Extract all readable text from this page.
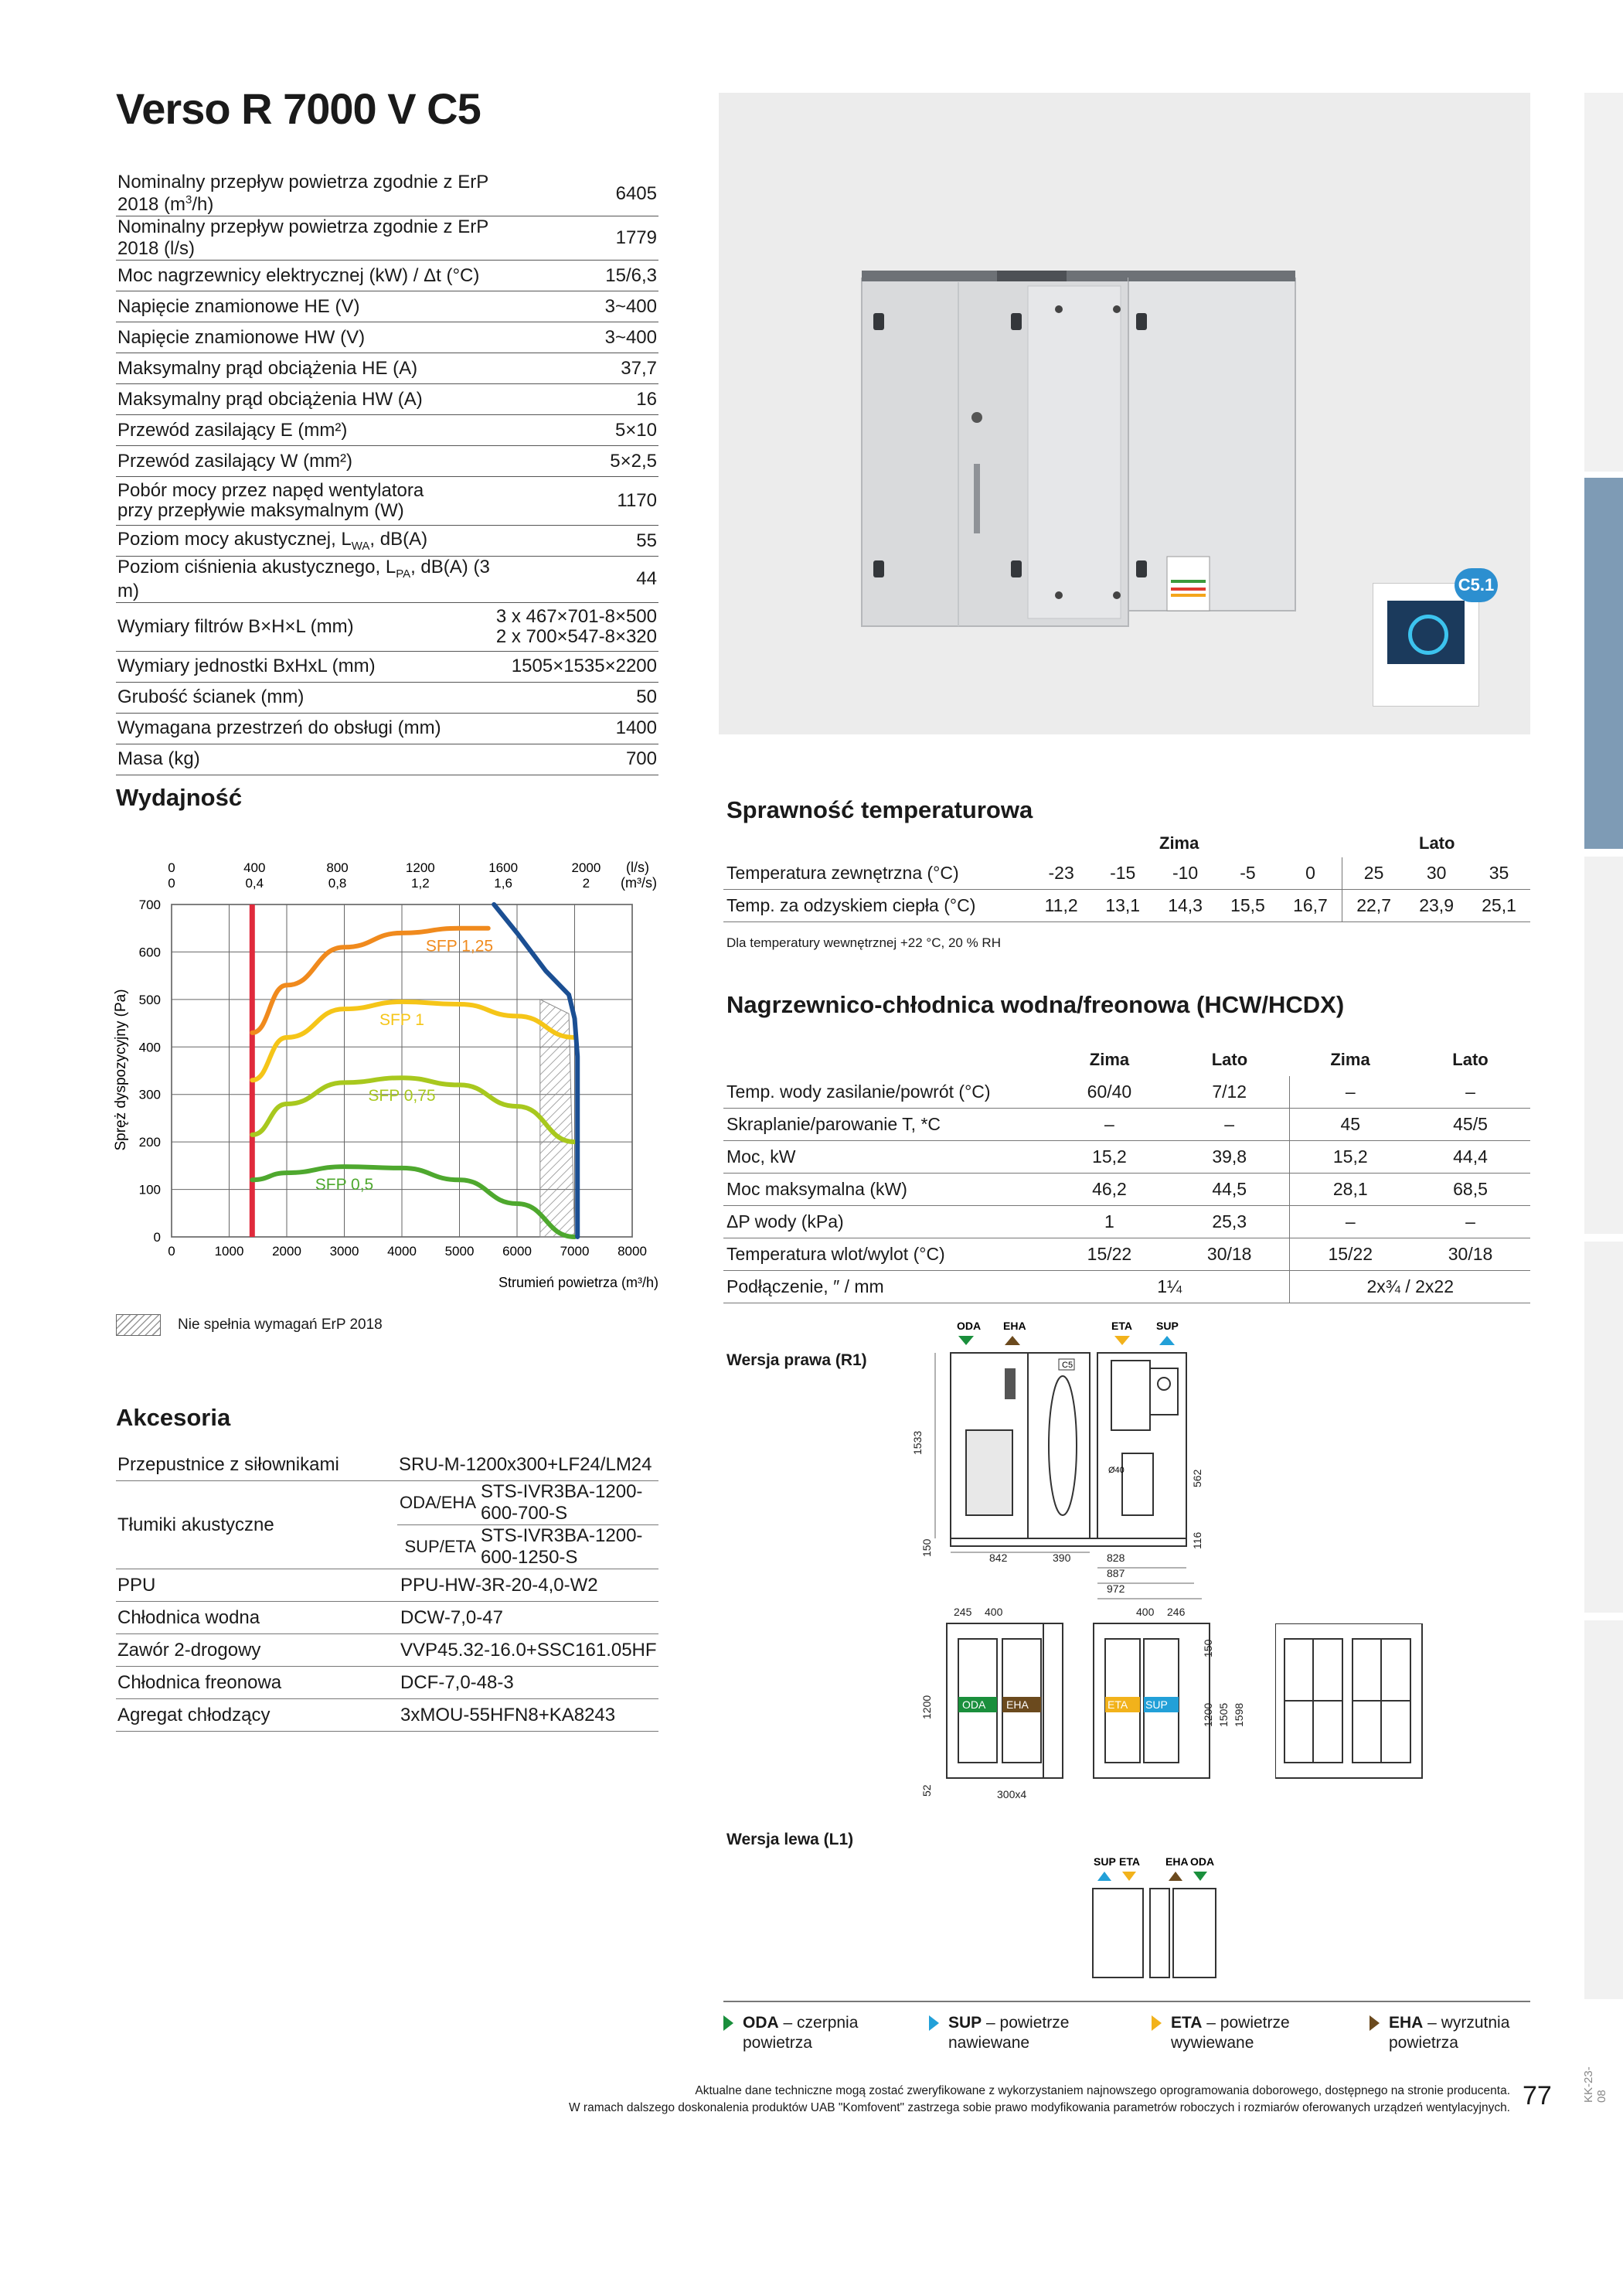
Verso R 7000 V C5
Nominalny przepływ powietrza zgodnie z ErP 2018 $(m^3/h)$	6405
Nominalny przepływ powietrza zgodnie z ErP 2018 (l/s)	1779
Moc nagrzewnicy elektrycznej (kW) / Δt (°C)	15/6,3
Napięcie znamionowe HE (V)	3~400
Napięcie znamionowe HW (V)	3~400
Maksymalny prąd obciążenia HE (A)	37,7
Maksymalny prąd obciążenia HW (A)	16
Przewód zasilający E (mm²)	5×10
Przewód zasilający W (mm²)	5×2,5

Pobór mocy przez napęd wentylatora
przy przepływie maksymalnym (W)	1170
Poziom mocy akustycznej, $L_{WA}$, dB(A)	55
Poziom ciśnienia akustycznego, $L_{PA}$, dB(A) (3 m)	44
Wymiary filtrów B×H×L (mm)	3 x 467×701-8×500
2 x 700×547-8×320

Wymiary jednostki BxHxL (mm)	1505×1535×2200
Grubość ścianek (mm)	50
Wymagana przestrzeń do obsługi (mm)	1400
Masa (kg)	700
C5.1
Wydajność
0	1000 2000 3000 4000 5000 6000 7000 8000
0
100
200
300
400
500
600
700
0
0
400
0,4
800
0,8
1200
1,2
1600
1,6
2000
2
SFP 1,25
SFP 1
SFP 0,75
SFP 0,5
Spręż dyspozycyjny (Pa)
Strumień powietrza (m³/h)
(l/s)
(m³/s)
Nie spełnia wymagań ErP 2018
Sprawność temperaturowa
Zima	Lato
Temperatura zewnętrzna (°C)	-23	-15	-10	-5	0	25	30	35
Temp. za odzyskiem ciepła (°C)	11,2	13,1	14,3	15,5	16,7	22,7	23,9	25,1
Dla temperatury wewnętrznej +22 °C, 20 % RH
Nagrzewnico-chłodnica wodna/freonowa (HCW/HCDX)
	Zima	Lato	Zima	Lato
Temp. wody zasilanie/powrót (°C)	60/40	7/12	–	–
Skraplanie/parowanie T, *C	–	–	45	45/5
Moc, kW	15,2	39,8	15,2	44,4
Moc maksymalna (kW)	46,2	44,5	28,1	68,5
ΔP wody (kPa)	1	25,3	–	–
Temperatura wlot/wylot (°C)	15/22	30/18	15/22	30/18
Podłączenie, ″ / mm	1¼		2x¾ / 2x22	
Akcesoria
Przepustnice z siłownikami	SRU-M-1200x300+LF24/LM24	
Tłumiki akustyczne	ODA/EHA	STS-IVR3BA-1200-600-700-S
	SUP/ETA	STS-IVR3BA-1200-600-1250-S
PPU	PPU-HW-3R-20-4,0-W2	
Chłodnica wodna	DCW-7,0-47	
Zawór 2-drogowy	VVP45.32-16.0+SSC161.05HF	
Chłodnica freonowa	DCF-7,0-48-3	
Agregat chłodzący	3xMOU-55HFN8+KA8243	
Wersja prawa (R1)	C5
Ø40
1533
150
562
116
842	390	828
887
972
ODA EHA	ETA SUP
ODA EHA	ETA SUP
245 400	400 246
1200
150
1200 1505 1598
52	300x4
Wersja lewa (L1)
SUP ETA EHA ODA
ODA – czerpnia
powietrza
SUP – powietrze
nawiewane
ETA – powietrze
wywiewane
EHA – wyrzutnia
powietrza
Aktualne dane techniczne mogą zostać zweryfikowane z wykorzystaniem najnowszego oprogramowania doborowego, dostępnego na stronie producenta.
W ramach dalszego doskonalenia produktów UAB "Komfovent" zastrzega sobie prawo modyfikowania parametrów roboczych i rozmiarów oferowanych urządzeń wentylacyjnych. 77	KK-23-08
